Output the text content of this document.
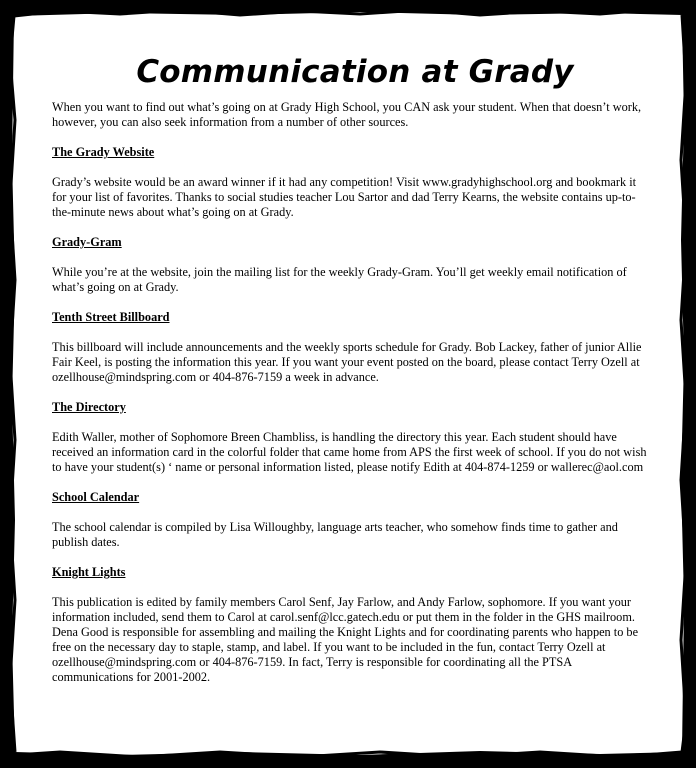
Communication at Grady

When you want to find out what’s going on at Grady High School, you CAN ask your student. When that doesn’t work, however, you can also seek information from a number of other sources.

The Grady Website

Grady’s website would be an award winner if it had any competition! Visit www.gradyhighschool.org and bookmark it for your list of favorites. Thanks to social studies teacher Lou Sartor and dad Terry Kearns, the website contains up-to-the-minute news about what’s going on at Grady.

Grady-Gram

While you’re at the website, join the mailing list for the weekly Grady-Gram. You’ll get weekly email notification of what’s going on at Grady.

Tenth Street Billboard

This billboard will include announcements and the weekly sports schedule for Grady. Bob Lackey, father of junior Allie Fair Keel, is posting the information this year. If you want your event posted on the board, please contact Terry Ozell at ozellhouse@mindspring.com or 404-876-7159 a week in advance.

The Directory

Edith Waller, mother of Sophomore Breen Chambliss, is handling the directory this year. Each student should have received an information card in the colorful folder that came home from APS the first week of school. If you do not wish to have your student(s) ‘ name or personal information listed, please notify Edith at 404-874-1259 or wallerec@aol.com

School Calendar

The school calendar is compiled by Lisa Willoughby, language arts teacher, who somehow finds time to gather and publish dates.

Knight Lights

This publication is edited by family members Carol Senf, Jay Farlow, and Andy Farlow, sophomore. If you want your information included, send them to Carol at carol.senf@lcc.gatech.edu or put them in the folder in the GHS mailroom. Dena Good is responsible for assembling and mailing the Knight Lights and for coordinating parents who happen to be free on the necessary day to staple, stamp, and label. If you want to be included in the fun, contact Terry Ozell at ozellhouse@mindspring.com or 404-876-7159. In fact, Terry is responsible for coordinating all the PTSA communications for 2001-2002.
